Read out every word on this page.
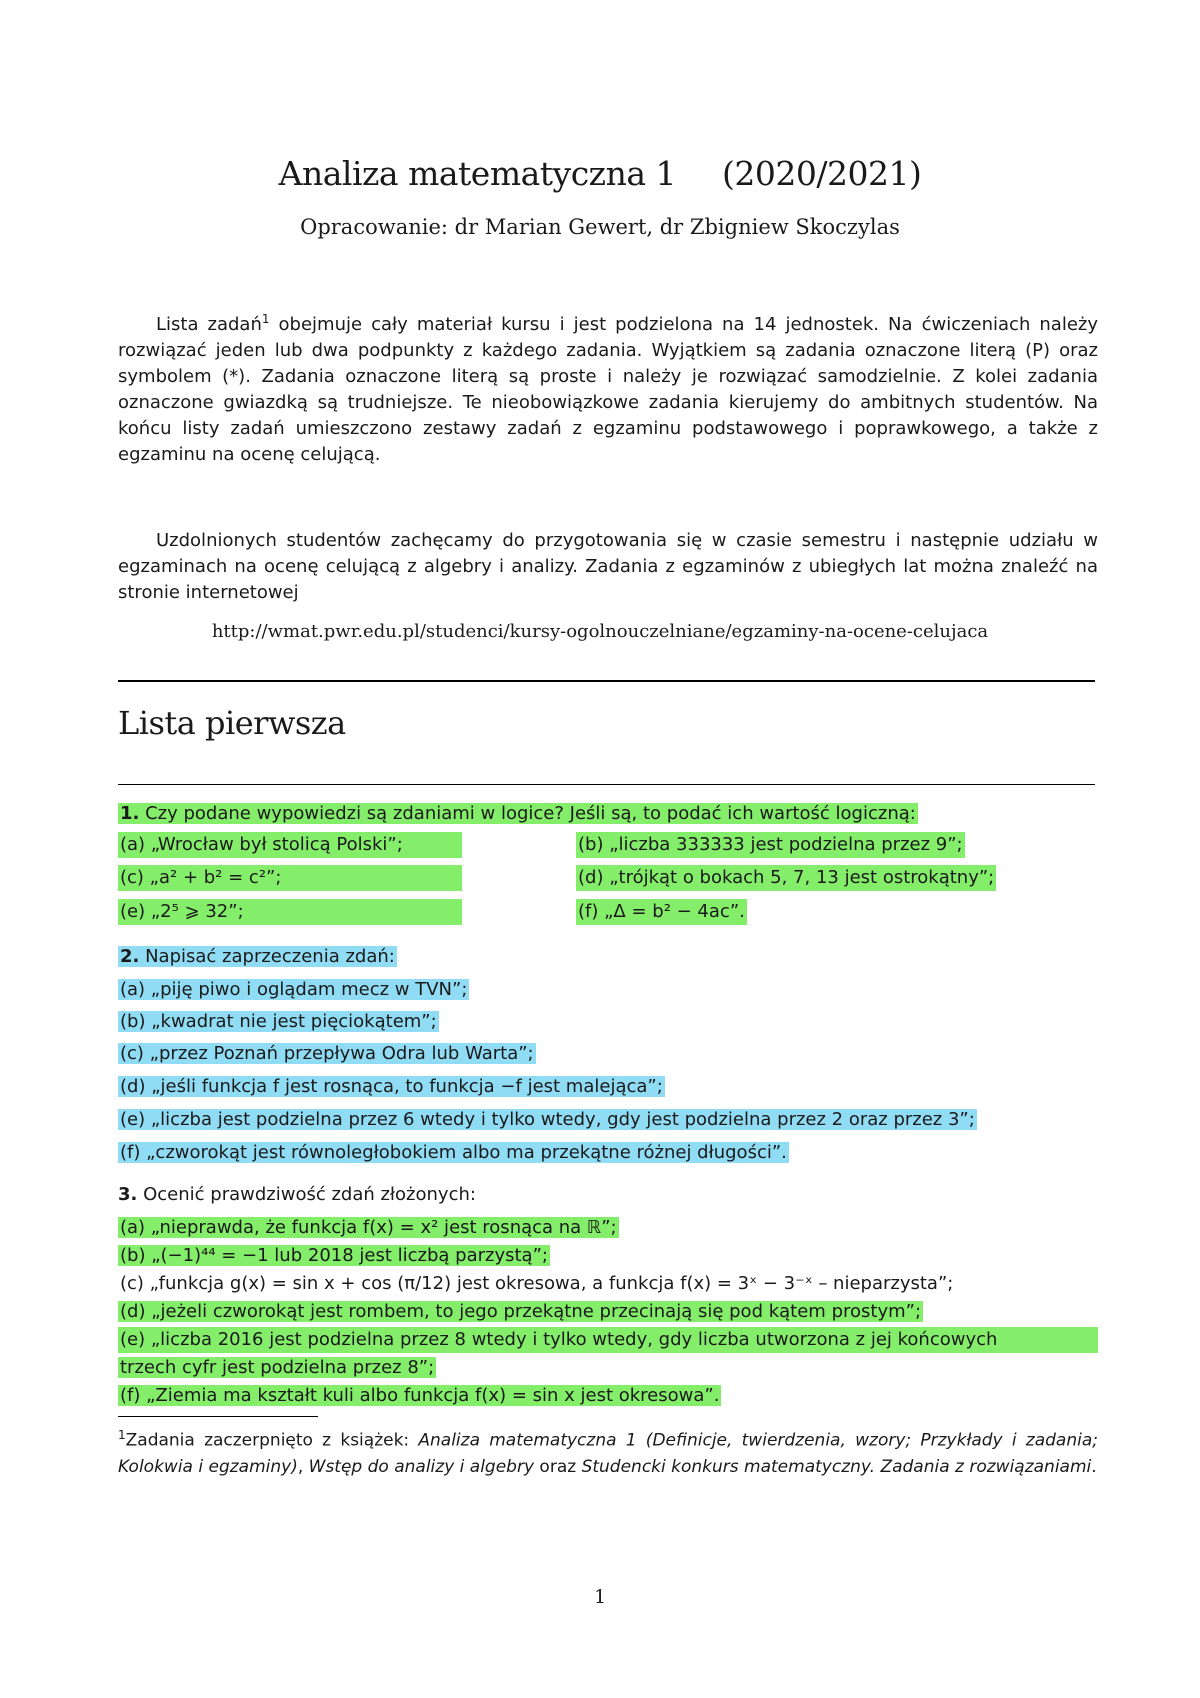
Analiza matematyczna 1 (2020/2021)
Opracowanie: dr Marian Gewert, dr Zbigniew Skoczylas
Lista zadań$^1$ obejmuje cały materiał kursu i jest podzielona na 14 jednostek. Na ćwiczeniach należy rozwiązać jeden lub dwa podpunkty z każdego zadania. Wyjątkiem są zadania oznaczone literą (P) oraz symbolem (*). Zadania oznaczone literą są proste i należy je rozwiązać samodzielnie. Z kolei zadania oznaczone gwiazdką są trudniejsze. Te nieobowiązkowe zadania kierujemy do ambitnych studentów. Na końcu listy zadań umieszczono zestawy zadań z egzaminu podstawowego i poprawkowego, a także z egzaminu na ocenę celującą.
Uzdolnionych studentów zachęcamy do przygotowania się w czasie semestru i następnie udziału w egzaminach na ocenę celującą z algebry i analizy. Zadania z egzaminów z ubiegłych lat można znaleźć na stronie internetowej
http://wmat.pwr.edu.pl/studenci/kursy-ogolnouczelniane/egzaminy-na-ocene-celujaca
Lista pierwsza
1. Czy podane wypowiedzi są zdaniami w logice? Jeśli są, to podać ich wartość logiczną:
(a) „Wrocław był stolicą Polski”;	(b) „liczba 333333 jest podzielna przez 9”;
(c) „a² + b² = c²”;	(d) „trójkąt o bokach 5, 7, 13 jest ostrokątny”;
(e) „2⁵ ⩾ 32”;	(f) „Δ = b² − 4ac”.
2. Napisać zaprzeczenia zdań:
(a) „piję piwo i oglądam mecz w TVN”;
(b) „kwadrat nie jest pięciokątem”;
(c) „przez Poznań przepływa Odra lub Warta”;
(d) „jeśli funkcja f jest rosnąca, to funkcja −f jest malejąca”;
(e) „liczba jest podzielna przez 6 wtedy i tylko wtedy, gdy jest podzielna przez 2 oraz przez 3”;
(f) „czworokąt jest równoległobokiem albo ma przekątne różnej długości”.
3. Ocenić prawdziwość zdań złożonych:
(a) „nieprawda, że funkcja f(x) = x² jest rosnąca na ℝ”;
(b) „(−1)⁴⁴ = −1 lub 2018 jest liczbą parzystą”;
(c) „funkcja g(x) = sin x + cos (π/12) jest okresowa, a funkcja f(x) = 3ˣ − 3⁻ˣ – nieparzysta”;
(d) „jeżeli czworokąt jest rombem, to jego przekątne przecinają się pod kątem prostym”;
(e) „liczba 2016 jest podzielna przez 8 wtedy i tylko wtedy, gdy liczba utworzona z jej końcowych
trzech cyfr jest podzielna przez 8”;
(f) „Ziemia ma kształt kuli albo funkcja f(x) = sin x jest okresowa”.
$^1$Zadania zaczerpnięto z książek: Analiza matematyczna 1 (Definicje, twierdzenia, wzory; Przykłady i zadania; Kolokwia i egzaminy), Wstęp do analizy i algebry oraz Studencki konkurs matematyczny. Zadania z rozwiązaniami.
1
